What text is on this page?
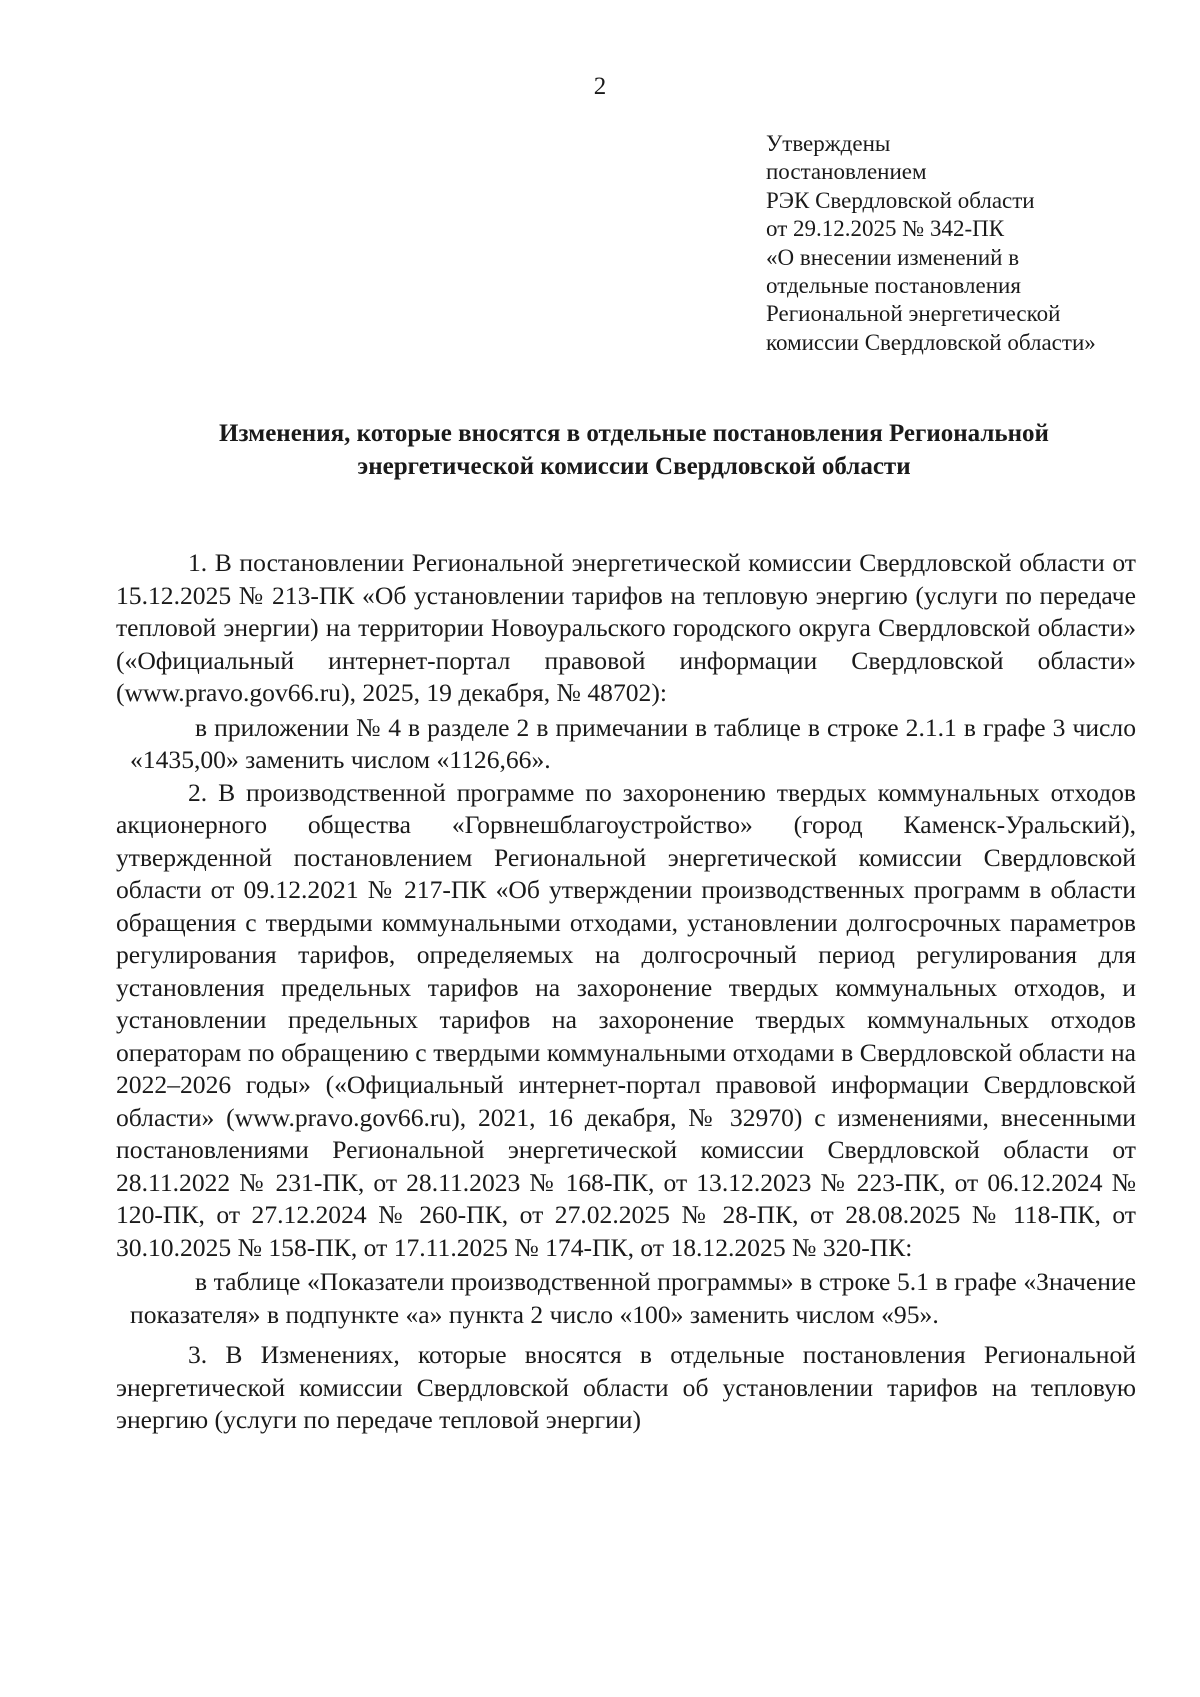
2
Утверждены
постановлением
РЭК Свердловской области
от 29.12.2025 № 342-ПК
«О внесении изменений в
отдельные постановления
Региональной энергетической
комиссии Свердловской области»
Изменения, которые вносятся в отдельные постановления Региональной
энергетической комиссии Свердловской области

1. В постановлении Региональной энергетической комиссии Свердловской области от 15.12.2025 № 213-ПК «Об установлении тарифов на тепловую энергию (услуги по передаче тепловой энергии) на территории Новоуральского городского округа Свердловской области» («Официальный интернет-портал правовой информации Свердловской области» (www.pravo.gov66.ru), 2025, 19 декабря, № 48702):

в приложении № 4 в разделе 2 в примечании в таблице в строке 2.1.1 в графе 3 число «1435,00» заменить числом «1126,66».

2. В производственной программе по захоронению твердых коммунальных отходов акционерного общества «Горвнешблагоустройство» (город Каменск-Уральский), утвержденной постановлением Региональной энергетической комиссии Свердловской области от 09.12.2021 № 217-ПК «Об утверждении производственных программ в области обращения с твердыми коммунальными отходами, установлении долгосрочных параметров регулирования тарифов, определяемых на долгосрочный период регулирования для установления предельных тарифов на захоронение твердых коммунальных отходов, и установлении предельных тарифов на захоронение твердых коммунальных отходов операторам по обращению с твердыми коммунальными отходами в Свердловской области на 2022–2026 годы» («Официальный интернет-портал правовой информации Свердловской области» (www.pravo.gov66.ru), 2021, 16 декабря, № 32970) с изменениями, внесенными постановлениями Региональной энергетической комиссии Свердловской области от 28.11.2022 № 231-ПК, от 28.11.2023 № 168-ПК, от 13.12.2023 № 223-ПК, от 06.12.2024 № 120-ПК, от 27.12.2024 № 260-ПК, от 27.02.2025 № 28-ПК, от 28.08.2025 № 118-ПК, от 30.10.2025 № 158-ПК, от 17.11.2025 № 174-ПК, от 18.12.2025 № 320-ПК:

в таблице «Показатели производственной программы» в строке 5.1 в графе «Значение показателя» в подпункте «а» пункта 2 число «100» заменить числом «95».

3. В Изменениях, которые вносятся в отдельные постановления Региональной энергетической комиссии Свердловской области об установлении тарифов на тепловую энергию (услуги по передаче тепловой энергии)
